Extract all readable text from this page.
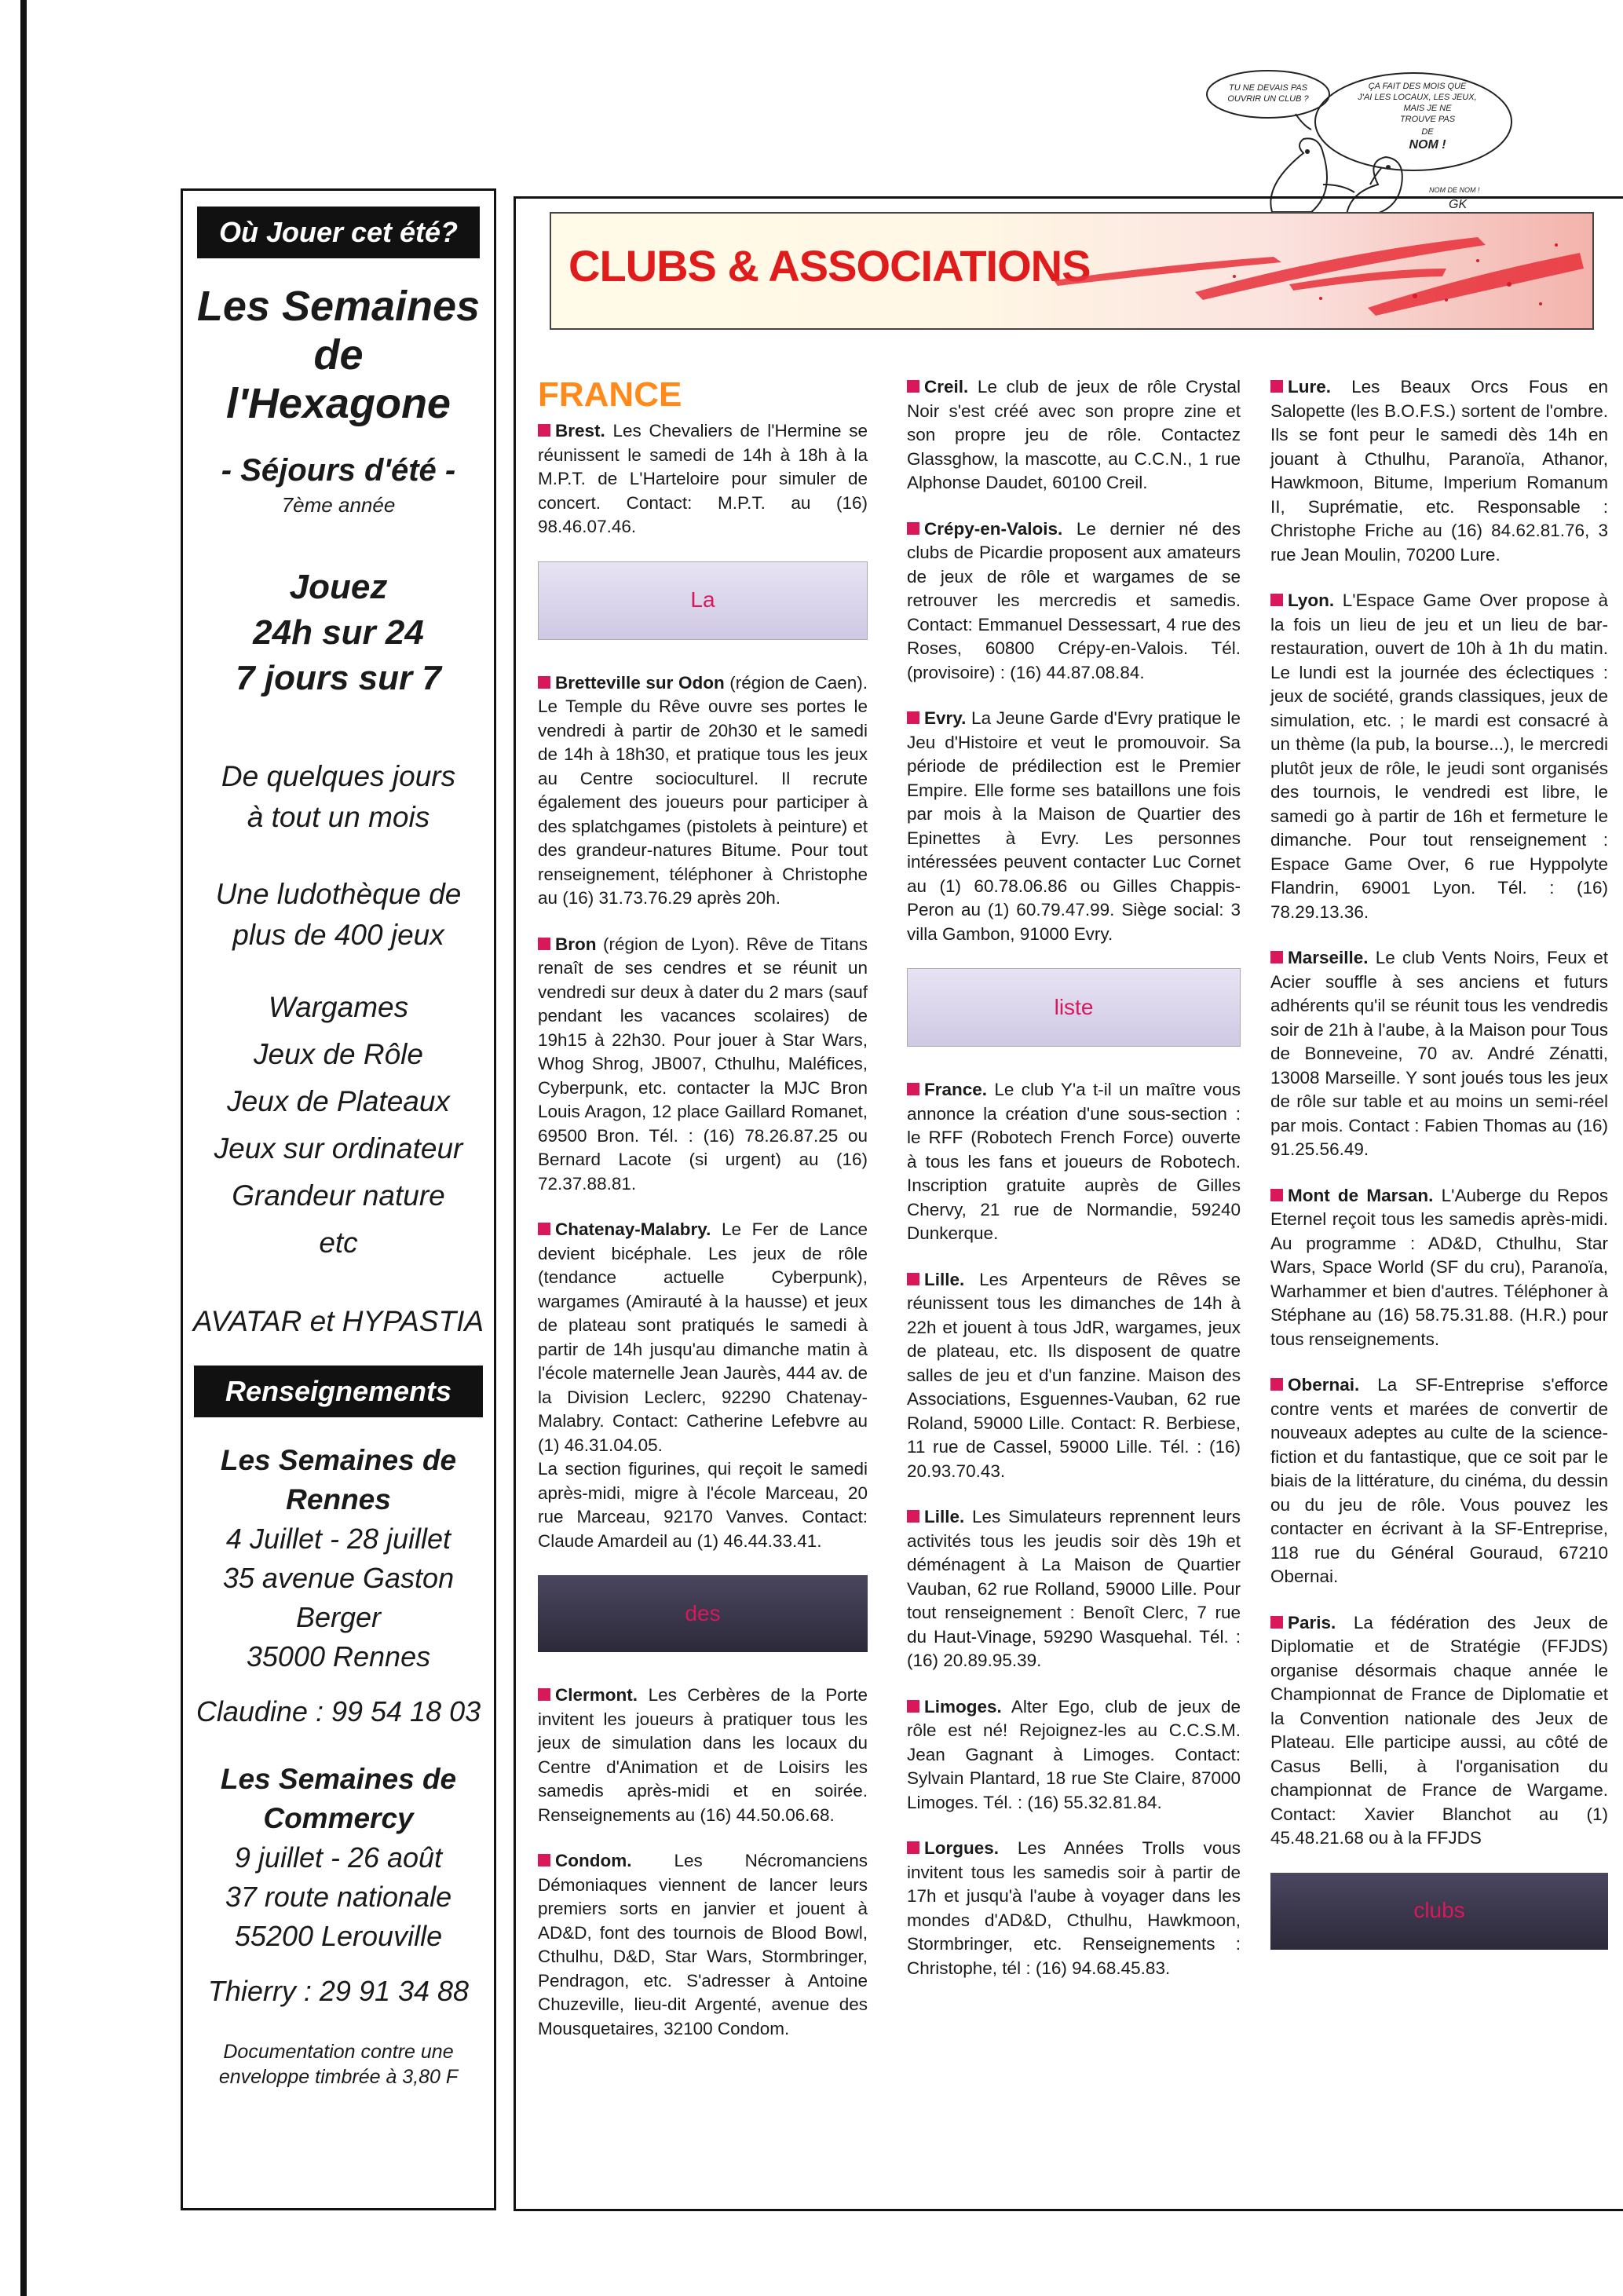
Où Jouer cet été?
Les Semaines
de
l'Hexagone
- Séjours d'été -
7ème année
Jouez
24h sur 24
7 jours sur 7
De quelques jours
à tout un mois
Une ludothèque de
plus de 400 jeux
Wargames
Jeux de Rôle
Jeux de Plateaux
Jeux sur ordinateur
Grandeur nature
etc
AVATAR et HYPASTIA
Renseignements
Les Semaines de
Rennes
4 Juillet - 28 juillet
35 avenue Gaston
Berger
35000 Rennes
Claudine : 99 54 18 03
Les Semaines de
Commercy
9 juillet - 26 août
37 route nationale
55200 Lerouville
Thierry : 29 91 34 88
Documentation contre une
enveloppe timbrée à 3,80 F
TU NE DEVAIS PAS
OUVRIR UN CLUB ?
ÇA FAIT DES MOIS QUE
J'AI LES LOCAUX, LES JEUX,
MAIS JE NE
TROUVE PAS
DE
NOM !
NOM DE NOM !
GK
CLUBS & ASSOCIATIONS
FRANCE
Brest. Les Chevaliers de l'Hermine se réunissent le samedi de 14h à 18h à la M.P.T. de L'Harteloire pour simuler de concert. Contact: M.P.T. au (16) 98.46.07.46.
La
Bretteville sur Odon (région de Caen). Le Temple du Rêve ouvre ses portes le vendredi à partir de 20h30 et le samedi de 14h à 18h30, et pratique tous les jeux au Centre socioculturel. Il recrute également des joueurs pour participer à des splatchgames (pistolets à peinture) et des grandeur-natures Bitume. Pour tout renseignement, téléphoner à Christophe au (16) 31.73.76.29 après 20h.
Bron (région de Lyon). Rêve de Titans renaît de ses cendres et se réunit un vendredi sur deux à dater du 2 mars (sauf pendant les vacances scolaires) de 19h15 à 22h30. Pour jouer à Star Wars, Whog Shrog, JB007, Cthulhu, Maléfices, Cyberpunk, etc. contacter la MJC Bron Louis Aragon, 12 place Gaillard Romanet, 69500 Bron. Tél. : (16) 78.26.87.25 ou Bernard Lacote (si urgent) au (16) 72.37.88.81.
Chatenay-Malabry. Le Fer de Lance devient bicéphale. Les jeux de rôle (tendance actuelle Cyberpunk), wargames (Amirauté à la hausse) et jeux de plateau sont pratiqués le samedi à partir de 14h jusqu'au dimanche matin à l'école maternelle Jean Jaurès, 444 av. de la Division Leclerc, 92290 Chatenay-Malabry. Contact: Catherine Lefebvre au (1) 46.31.04.05.
La section figurines, qui reçoit le samedi après-midi, migre à l'école Marceau, 20 rue Marceau, 92170 Vanves. Contact: Claude Amardeil au (1) 46.44.33.41.
des
Clermont. Les Cerbères de la Porte invitent les joueurs à pratiquer tous les jeux de simulation dans les locaux du Centre d'Animation et de Loisirs les samedis après-midi et en soirée. Renseignements au (16) 44.50.06.68.
Condom. Les Nécromanciens Démoniaques viennent de lancer leurs premiers sorts en janvier et jouent à AD&D, font des tournois de Blood Bowl, Cthulhu, D&D, Star Wars, Stormbringer, Pendragon, etc. S'adresser à Antoine Chuzeville, lieu-dit Argenté, avenue des Mousquetaires, 32100 Condom.
Creil. Le club de jeux de rôle Crystal Noir s'est créé avec son propre zine et son propre jeu de rôle. Contactez Glassghow, la mascotte, au C.C.N., 1 rue Alphonse Daudet, 60100 Creil.
Crépy-en-Valois. Le dernier né des clubs de Picardie proposent aux amateurs de jeux de rôle et wargames de se retrouver les mercredis et samedis. Contact: Emmanuel Dessessart, 4 rue des Roses, 60800 Crépy-en-Valois. Tél. (provisoire) : (16) 44.87.08.84.
Evry. La Jeune Garde d'Evry pratique le Jeu d'Histoire et veut le promouvoir. Sa période de prédilection est le Premier Empire. Elle forme ses bataillons une fois par mois à la Maison de Quartier des Epinettes à Evry. Les personnes intéressées peuvent contacter Luc Cornet au (1) 60.78.06.86 ou Gilles Chappis-Peron au (1) 60.79.47.99. Siège social: 3 villa Gambon, 91000 Evry.
liste
France. Le club Y'a t-il un maître vous annonce la création d'une sous-section : le RFF (Robotech French Force) ouverte à tous les fans et joueurs de Robotech. Inscription gratuite auprès de Gilles Chervy, 21 rue de Normandie, 59240 Dunkerque.
Lille. Les Arpenteurs de Rêves se réunissent tous les dimanches de 14h à 22h et jouent à tous JdR, wargames, jeux de plateau, etc. Ils disposent de quatre salles de jeu et d'un fanzine. Maison des Associations, Esguennes-Vauban, 62 rue Roland, 59000 Lille. Contact: R. Berbiese, 11 rue de Cassel, 59000 Lille. Tél. : (16) 20.93.70.43.
Lille. Les Simulateurs reprennent leurs activités tous les jeudis soir dès 19h et déménagent à La Maison de Quartier Vauban, 62 rue Rolland, 59000 Lille. Pour tout renseignement : Benoît Clerc, 7 rue du Haut-Vinage, 59290 Wasquehal. Tél. : (16) 20.89.95.39.
Limoges. Alter Ego, club de jeux de rôle est né! Rejoignez-les au C.C.S.M. Jean Gagnant à Limoges. Contact: Sylvain Plantard, 18 rue Ste Claire, 87000 Limoges. Tél. : (16) 55.32.81.84.
Lorgues. Les Années Trolls vous invitent tous les samedis soir à partir de 17h et jusqu'à l'aube à voyager dans les mondes d'AD&D, Cthulhu, Hawkmoon, Stormbringer, etc. Renseignements : Christophe, tél : (16) 94.68.45.83.
Lure. Les Beaux Orcs Fous en Salopette (les B.O.F.S.) sortent de l'ombre. Ils se font peur le samedi dès 14h en jouant à Cthulhu, Paranoïa, Athanor, Hawkmoon, Bitume, Imperium Romanum II, Suprématie, etc. Responsable : Christophe Friche au (16) 84.62.81.76, 3 rue Jean Moulin, 70200 Lure.
Lyon. L'Espace Game Over propose à la fois un lieu de jeu et un lieu de bar-restauration, ouvert de 10h à 1h du matin. Le lundi est la journée des éclectiques : jeux de société, grands classiques, jeux de simulation, etc. ; le mardi est consacré à un thème (la pub, la bourse...), le mercredi plutôt jeux de rôle, le jeudi sont organisés des tournois, le vendredi est libre, le samedi go à partir de 16h et fermeture le dimanche. Pour tout renseignement : Espace Game Over, 6 rue Hyppolyte Flandrin, 69001 Lyon. Tél. : (16) 78.29.13.36.
Marseille. Le club Vents Noirs, Feux et Acier souffle à ses anciens et futurs adhérents qu'il se réunit tous les vendredis soir de 21h à l'aube, à la Maison pour Tous de Bonneveine, 70 av. André Zénatti, 13008 Marseille. Y sont joués tous les jeux de rôle sur table et au moins un semi-réel par mois. Contact : Fabien Thomas au (16) 91.25.56.49.
Mont de Marsan. L'Auberge du Repos Eternel reçoit tous les samedis après-midi. Au programme : AD&D, Cthulhu, Star Wars, Space World (SF du cru), Paranoïa, Warhammer et bien d'autres. Téléphoner à Stéphane au (16) 58.75.31.88. (H.R.) pour tous renseignements.
Obernai. La SF-Entreprise s'efforce contre vents et marées de convertir de nouveaux adeptes au culte de la science-fiction et du fantastique, que ce soit par le biais de la littérature, du cinéma, du dessin ou du jeu de rôle. Vous pouvez les contacter en écrivant à la SF-Entreprise, 118 rue du Général Gouraud, 67210 Obernai.
Paris. La fédération des Jeux de Diplomatie et de Stratégie (FFJDS) organise désormais chaque année le Championnat de France de Diplomatie et la Convention nationale des Jeux de Plateau. Elle participe aussi, au côté de Casus Belli, à l'organisation du championnat de France de Wargame. Contact: Xavier Blanchot au (1) 45.48.21.68 ou à la FFJDS
clubs
